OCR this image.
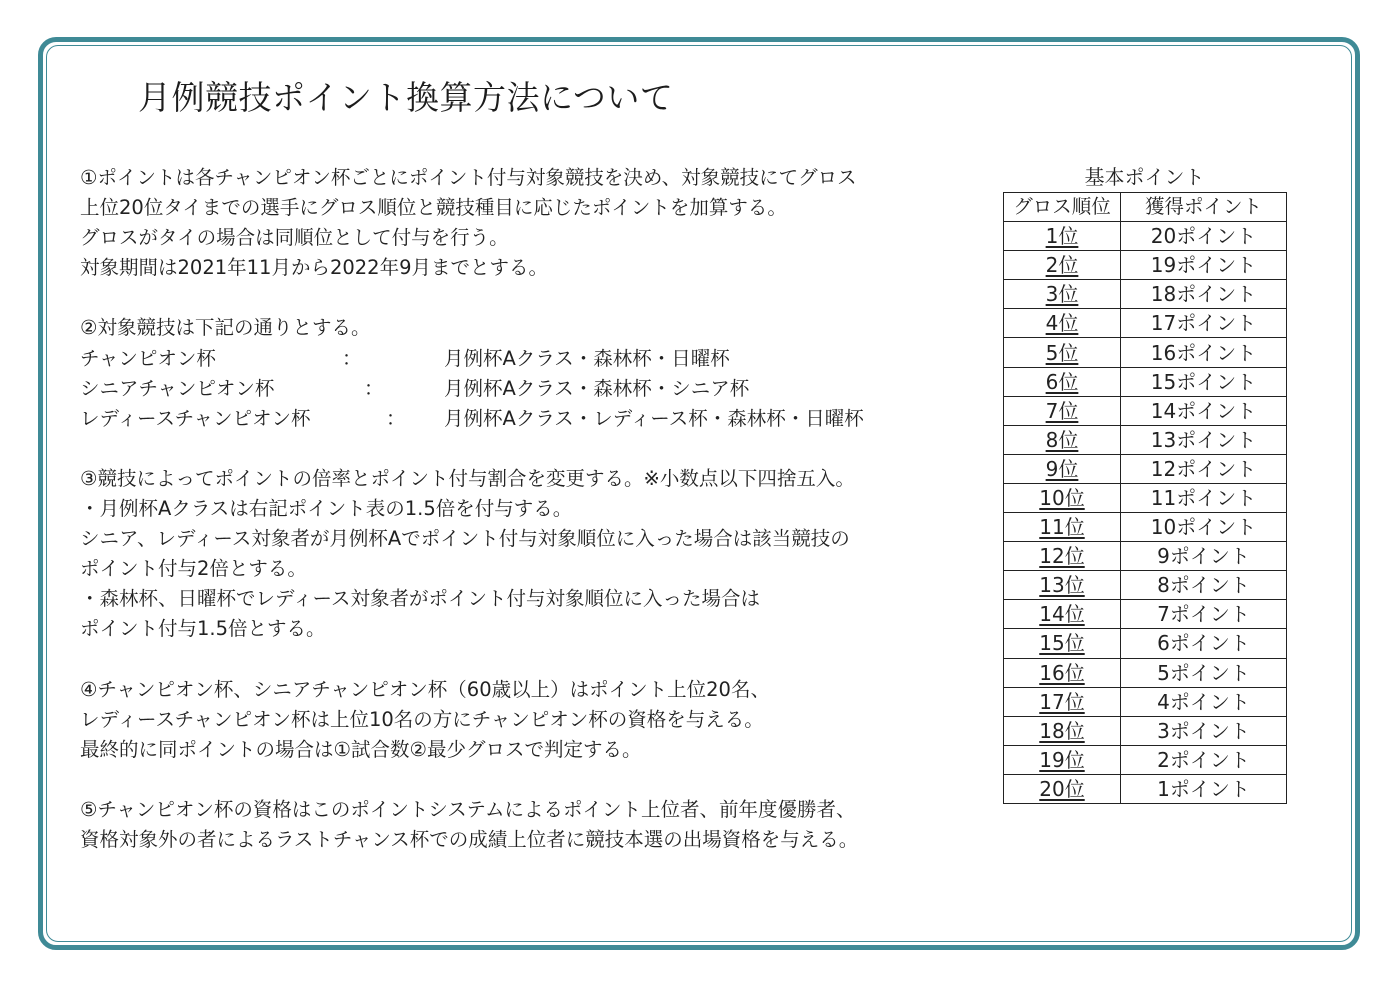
月例競技ポイント換算方法について
①ポイントは各チャンピオン杯ごとにポイント付与対象競技を決め、対象競技にてグロス
上位20位タイまでの選手にグロス順位と競技種目に応じたポイントを加算する。
グロスがタイの場合は同順位として付与を行う。
対象期間は2021年11月から2022年9月までとする。
②対象競技は下記の通りとする。
チャンピオン杯	：	月例杯Aクラス・森林杯・日曜杯
シニアチャンピオン杯	：	月例杯Aクラス・森林杯・シニア杯
レディースチャンピオン杯	： 月例杯Aクラス・レディース杯・森林杯・日曜杯
③競技によってポイントの倍率とポイント付与割合を変更する。※小数点以下四捨五入。
・月例杯Aクラスは右記ポイント表の1.5倍を付与する。
シニア、レディース対象者が月例杯Aでポイント付与対象順位に入った場合は該当競技の
ポイント付与2倍とする。
・森林杯、日曜杯でレディース対象者がポイント付与対象順位に入った場合は
ポイント付与1.5倍とする。
④チャンピオン杯、シニアチャンピオン杯（60歳以上）はポイント上位20名、
レディースチャンピオン杯は上位10名の方にチャンピオン杯の資格を与える。
最終的に同ポイントの場合は①試合数②最少グロスで判定する。
⑤チャンピオン杯の資格はこのポイントシステムによるポイント上位者、前年度優勝者、
資格対象外の者によるラストチャンス杯での成績上位者に競技本選の出場資格を与える。
基本ポイント
グロス順位	獲得ポイント
1位	20ポイント
2位	19ポイント
3位	18ポイント
4位	17ポイント
5位	16ポイント
6位	15ポイント
7位	14ポイント
8位	13ポイント
9位	12ポイント
10位	11ポイント
11位	10ポイント
12位	9ポイント
13位	8ポイント
14位	7ポイント
15位	6ポイント
16位	5ポイント
17位	4ポイント
18位	3ポイント
19位	2ポイント
20位	1ポイント
